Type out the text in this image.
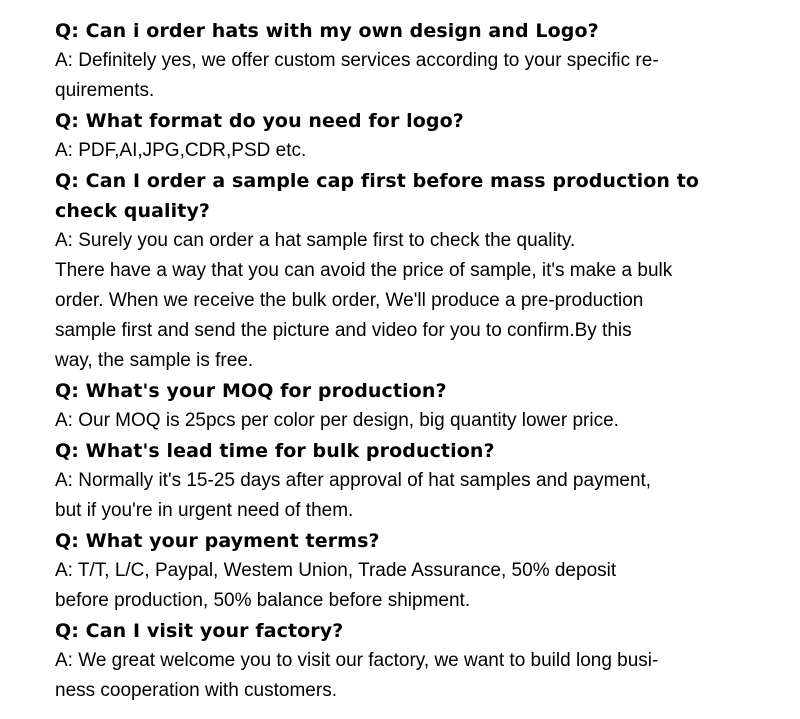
Q: Can i order hats with my own design and Logo?
A: Definitely yes, we offer custom services according to your specific re-
quirements.
Q: What format do you need for logo?
A: PDF,AI,JPG,CDR,PSD etc.
Q: Can I order a sample cap first before mass production to
check quality?
A: Surely you can order a hat sample first to check the quality.
There have a way that you can avoid the price of sample, it's make a bulk
order. When we receive the bulk order, We'll produce a pre-production
sample first and send the picture and video for you to confirm.By this
way, the sample is free.
Q: What's your MOQ for production?
A: Our MOQ is 25pcs per color per design, big quantity lower price.
Q: What's lead time for bulk production?
A: Normally it's 15-25 days after approval of hat samples and payment,
but if you're in urgent need of them.
Q: What your payment terms?
A: T/T, L/C, Paypal, Westem Union, Trade Assurance, 50% deposit
before production, 50% balance before shipment.
Q: Can I visit your factory?
A: We great welcome you to visit our factory, we want to build long busi-
ness cooperation with customers.
